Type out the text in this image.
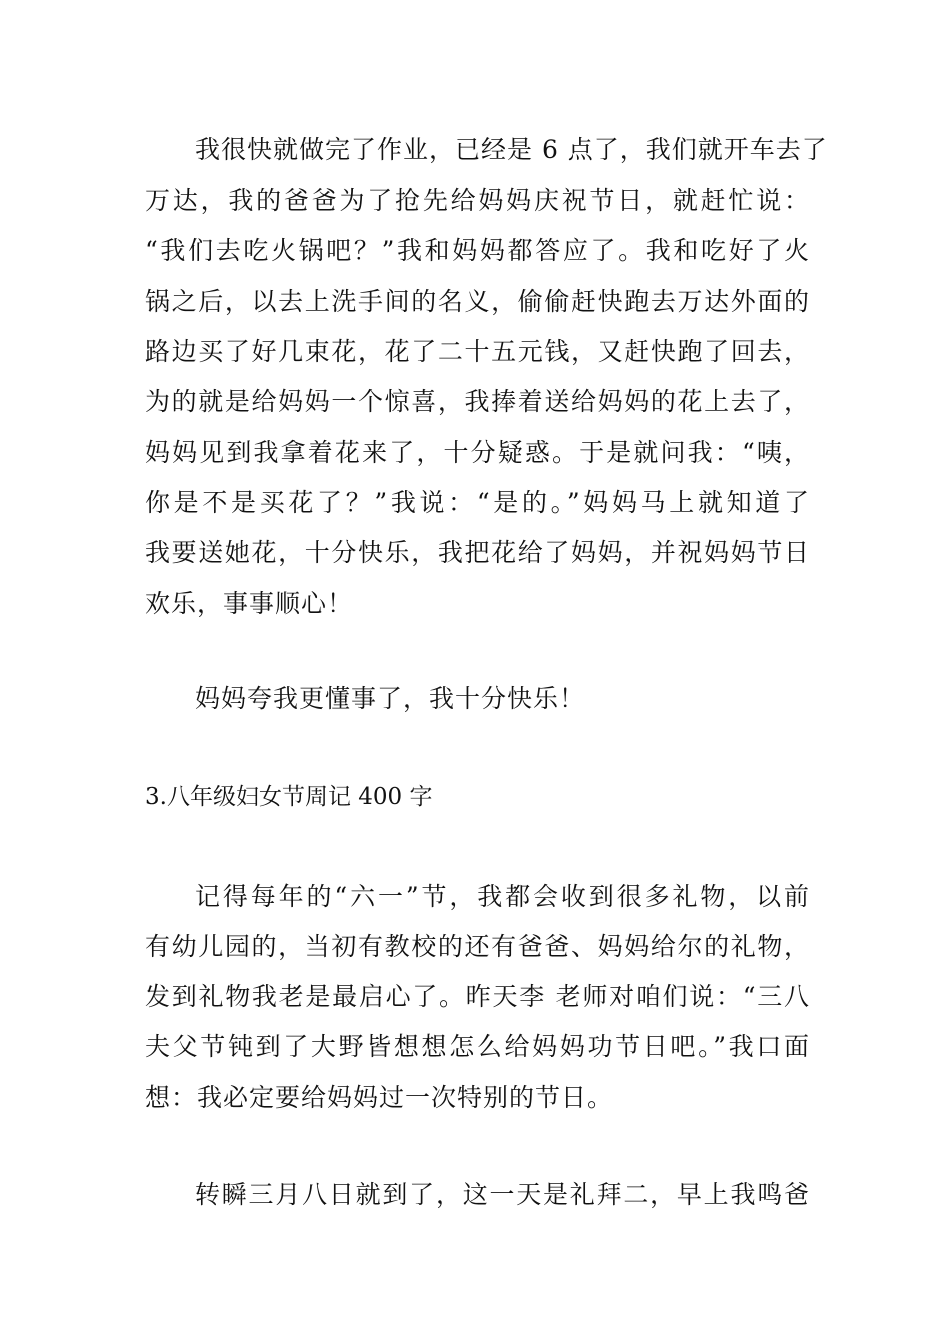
我很快就做完了作业，已经是 6 点了，我们就开车去了
万达，我的爸爸为了抢先给妈妈庆祝节日，就赶忙说：
“我们去吃火锅吧？”我和妈妈都答应了。我和吃好了火
锅之后，以去上洗手间的名义，偷偷赶快跑去万达外面的
路边买了好几束花，花了二十五元钱，又赶快跑了回去，
为的就是给妈妈一个惊喜，我捧着送给妈妈的花上去了，
妈妈见到我拿着花来了，十分疑惑。于是就问我：“咦，
你是不是买花了？”我说：“是的。”妈妈马上就知道了
我要送她花，十分快乐，我把花给了妈妈，并祝妈妈节日
欢乐，事事顺心！
妈妈夸我更懂事了，我十分快乐！
3.八年级妇女节周记 400 字
记得每年的“六一”节，我都会收到很多礼物，以前
有幼儿园的，当初有教校的还有爸爸、妈妈给尔的礼物，
发到礼物我老是最启心了。昨天李 老师对咱们说：“三八
夫父节钝到了大野皆想想怎么给妈妈功节日吧。”我口面
想：我必定要给妈妈过一次特别的节日。
转瞬三月八日就到了，这一天是礼拜二，早上我鸣爸
